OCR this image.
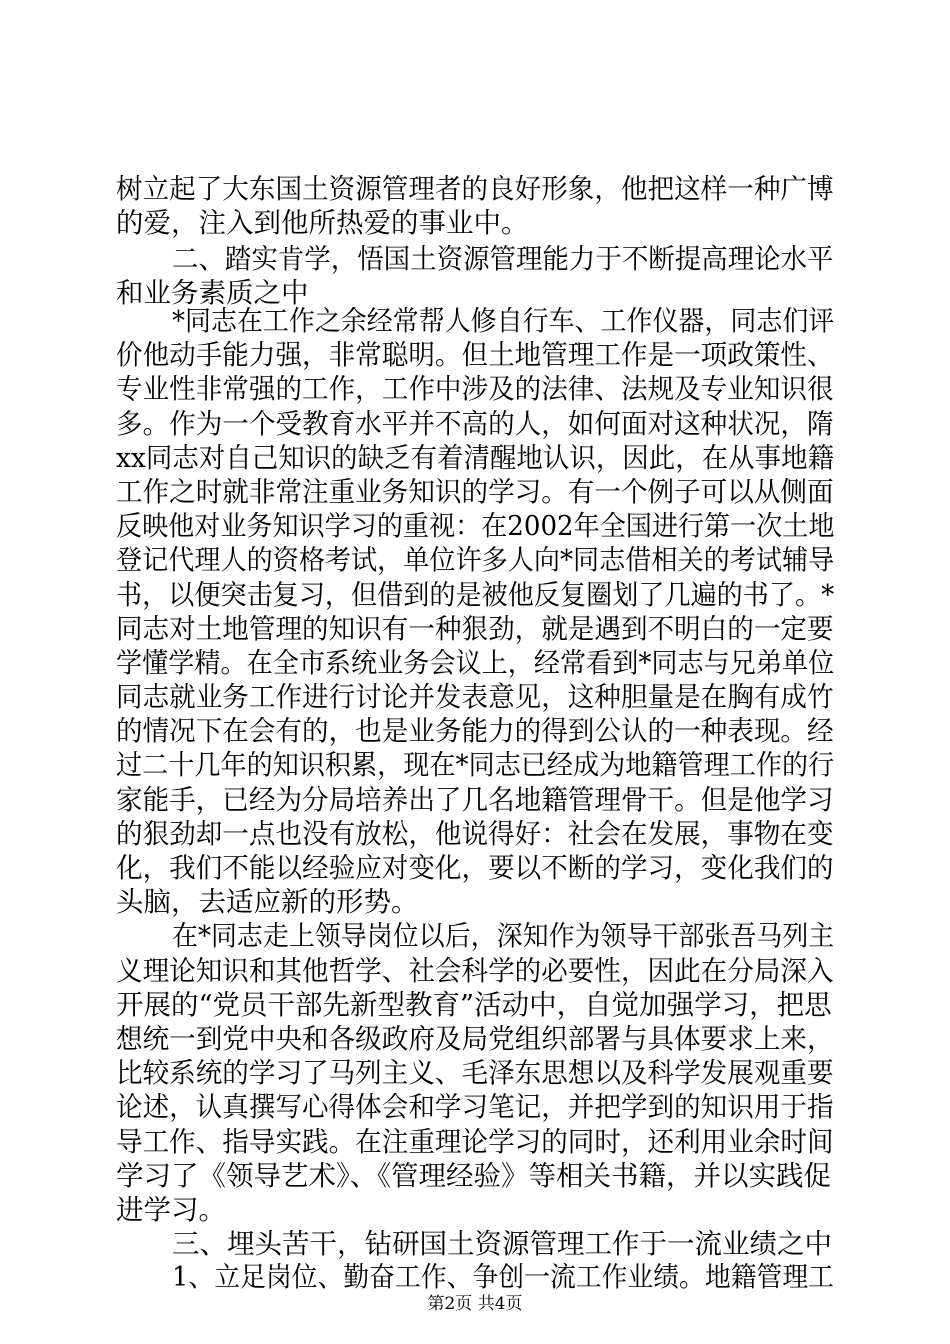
树立起了大东国土资源管理者的良好形象，他把这样一种广博
的爱，注入到他所热爱的事业中。
二、踏实肯学，悟国土资源管理能力于不断提高理论水平
和业务素质之中
*同志在工作之余经常帮人修自行车、工作仪器，同志们评
价他动手能力强，非常聪明。但土地管理工作是一项政策性、
专业性非常强的工作，工作中涉及的法律、法规及专业知识很
多。作为一个受教育水平并不高的人，如何面对这种状况，隋
xx同志对自己知识的缺乏有着清醒地认识，因此，在从事地籍
工作之时就非常注重业务知识的学习。有一个例子可以从侧面
反映他对业务知识学习的重视：在2002年全国进行第一次土地
登记代理人的资格考试，单位许多人向*同志借相关的考试辅导
书，以便突击复习，但借到的是被他反复圈划了几遍的书了。*
同志对土地管理的知识有一种狠劲，就是遇到不明白的一定要
学懂学精。在全市系统业务会议上，经常看到*同志与兄弟单位
同志就业务工作进行讨论并发表意见，这种胆量是在胸有成竹
的情况下在会有的，也是业务能力的得到公认的一种表现。经
过二十几年的知识积累，现在*同志已经成为地籍管理工作的行
家能手，已经为分局培养出了几名地籍管理骨干。但是他学习
的狠劲却一点也没有放松，他说得好：社会在发展，事物在变
化，我们不能以经验应对变化，要以不断的学习，变化我们的
头脑，去适应新的形势。
在*同志走上领导岗位以后，深知作为领导干部张吾马列主
义理论知识和其他哲学、社会科学的必要性，因此在分局深入
开展的“党员干部先新型教育”活动中，自觉加强学习，把思
想统一到党中央和各级政府及局党组织部署与具体要求上来，
比较系统的学习了马列主义、毛泽东思想以及科学发展观重要
论述，认真撰写心得体会和学习笔记，并把学到的知识用于指
导工作、指导实践。在注重理论学习的同时，还利用业余时间
学习了《领导艺术》、《管理经验》等相关书籍，并以实践促
进学习。
三、埋头苦干，钻研国土资源管理工作于一流业绩之中
1、立足岗位、勤奋工作、争创一流工作业绩。地籍管理工
第2页 共4页
